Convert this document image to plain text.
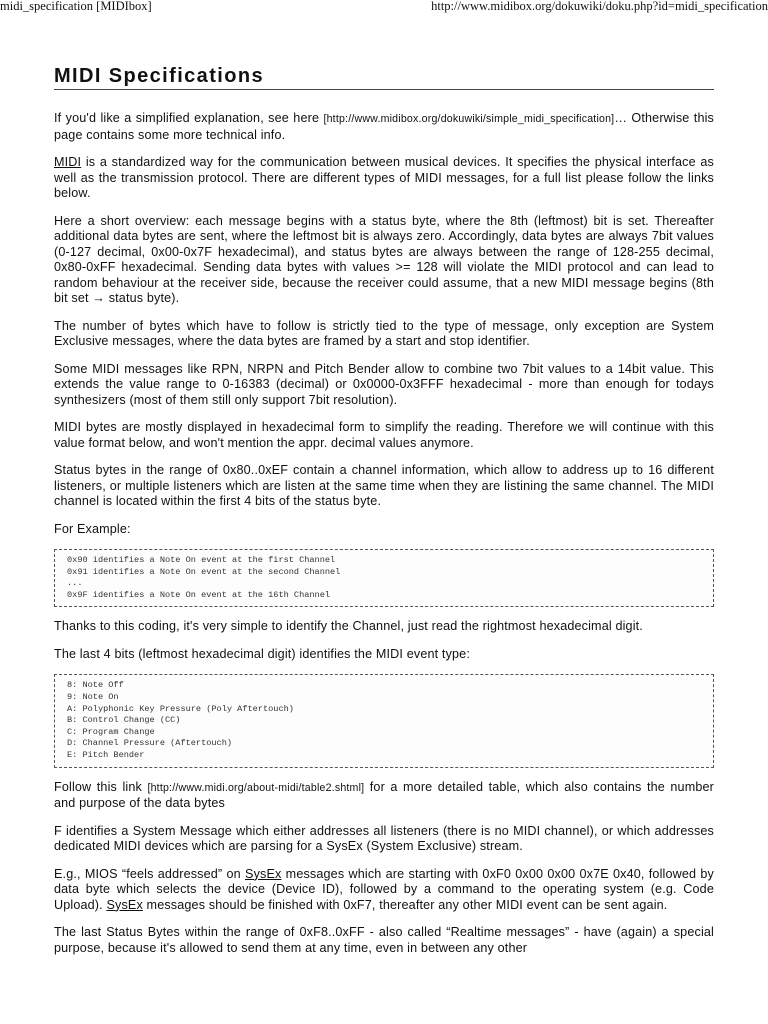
midi_specification [MIDIbox]	http://www.midibox.org/dokuwiki/doku.php?id=midi_specification
MIDI Specifications

If you'd like a simplified explanation, see here [http://www.midibox.org/dokuwiki/simple_midi_specification]… Otherwise this page contains some more technical info.

MIDI is a standardized way for the communication between musical devices. It specifies the physical interface as well as the transmission protocol. There are different types of MIDI messages, for a full list please follow the links below.

Here a short overview: each message begins with a status byte, where the 8th (leftmost) bit is set. Thereafter additional data bytes are sent, where the leftmost bit is always zero. Accordingly, data bytes are always 7bit values (0-127 decimal, 0x00-0x7F hexadecimal), and status bytes are always between the range of 128-255 decimal, 0x80-0xFF hexadecimal. Sending data bytes with values >= 128 will violate the MIDI protocol and can lead to random behaviour at the receiver side, because the receiver could assume, that a new MIDI message begins (8th bit set → status byte).

The number of bytes which have to follow is strictly tied to the type of message, only exception are System Exclusive messages, where the data bytes are framed by a start and stop identifier.

Some MIDI messages like RPN, NRPN and Pitch Bender allow to combine two 7bit values to a 14bit value. This extends the value range to 0-16383 (decimal) or 0x0000-0x3FFF hexadecimal - more than enough for todays synthesizers (most of them still only support 7bit resolution).

MIDI bytes are mostly displayed in hexadecimal form to simplify the reading. Therefore we will continue with this value format below, and won't mention the appr. decimal values anymore.

Status bytes in the range of 0x80..0xEF contain a channel information, which allow to address up to 16 different listeners, or multiple listeners which are listen at the same time when they are listining the same channel. The MIDI channel is located within the first 4 bits of the status byte.

For Example:

0x90 identifies a Note On event at the first Channel
0x91 identifies a Note On event at the second Channel
...
0x9F identifies a Note On event at the 16th Channel

Thanks to this coding, it's very simple to identify the Channel, just read the rightmost hexadecimal digit.

The last 4 bits (leftmost hexadecimal digit) identifies the MIDI event type:

8: Note Off
9: Note On
A: Polyphonic Key Pressure (Poly Aftertouch)
B: Control Change (CC)
C: Program Change
D: Channel Pressure (Aftertouch)
E: Pitch Bender

Follow this link [http://www.midi.org/about-midi/table2.shtml] for a more detailed table, which also contains the number and purpose of the data bytes

F identifies a System Message which either addresses all listeners (there is no MIDI channel), or which addresses dedicated MIDI devices which are parsing for a SysEx (System Exclusive) stream.

E.g., MIOS “feels addressed” on SysEx messages which are starting with 0xF0 0x00 0x00 0x7E 0x40, followed by data byte which selects the device (Device ID), followed by a command to the operating system (e.g. Code Upload). SysEx messages should be finished with 0xF7, thereafter any other MIDI event can be sent again.

The last Status Bytes within the range of 0xF8..0xFF - also called “Realtime messages” - have (again) a special purpose, because it's allowed to send them at any time, even in between any other
